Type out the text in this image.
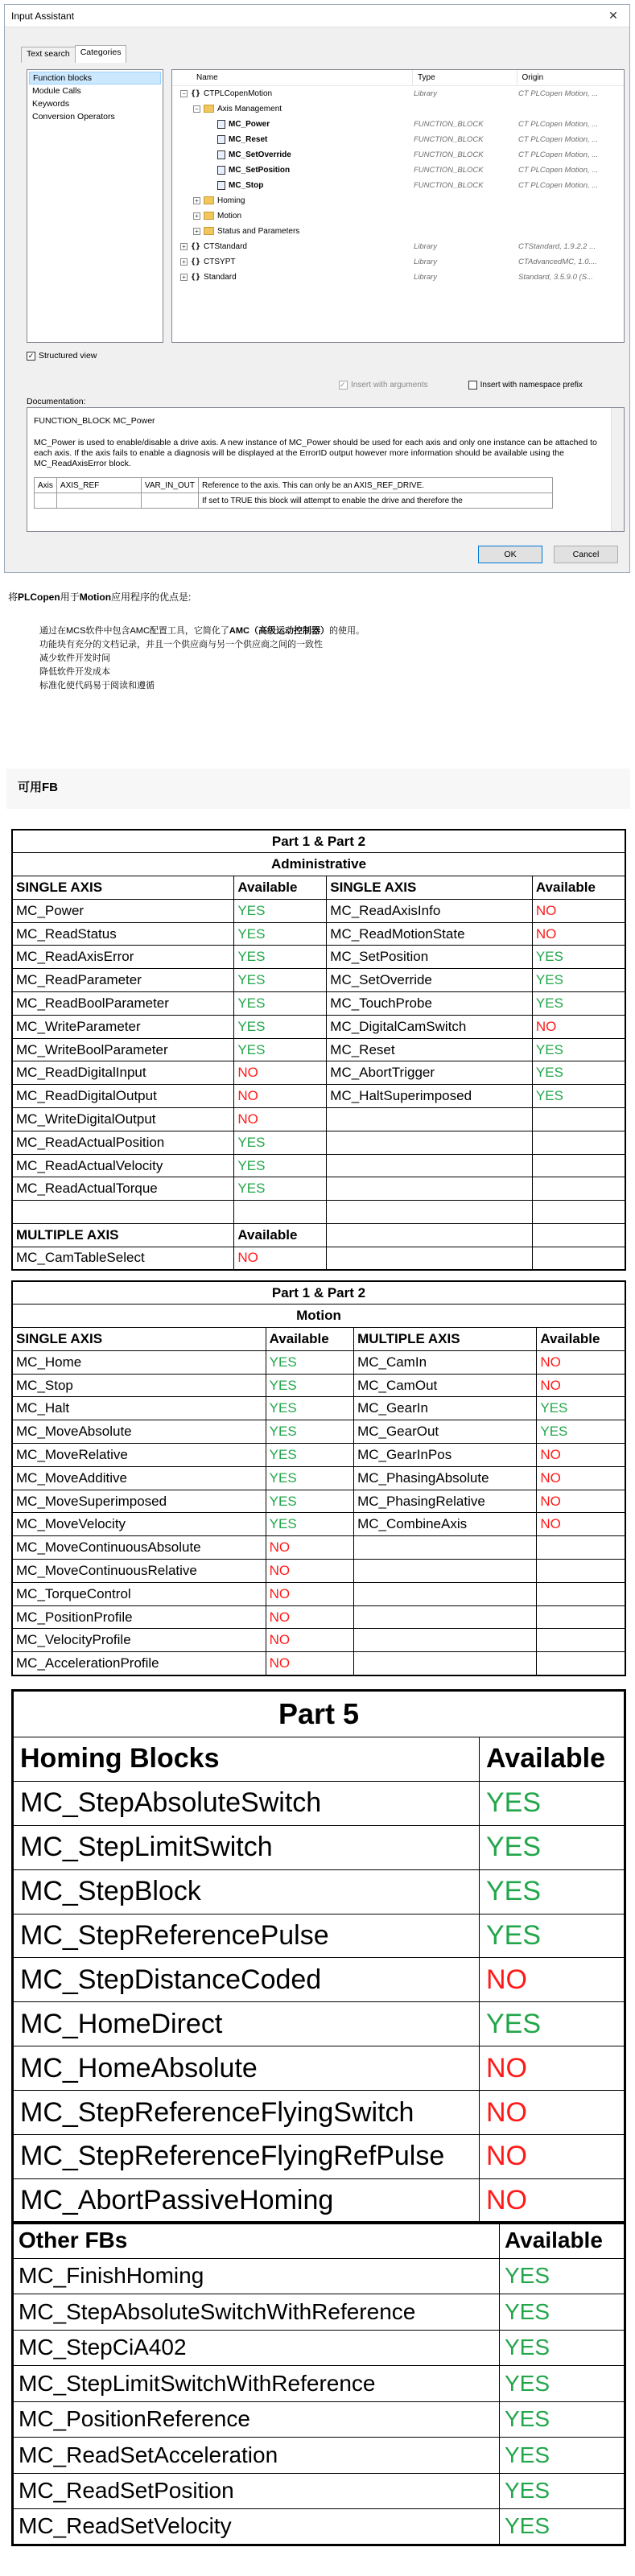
Input Assistant	✕
Text search	Categories
Function blocks
Module Calls
Keywords
Conversion Operators
Name	Type	Origin
− {} CTPLCopenMotion	Library	CT PLCopen Motion, ...
− Axis Management
MC_Power	FUNCTION_BLOCK	CT PLCopen Motion, ...
MC_Reset	FUNCTION_BLOCK	CT PLCopen Motion, ...
MC_SetOverride	FUNCTION_BLOCK	CT PLCopen Motion, ...
MC_SetPosition	FUNCTION_BLOCK	CT PLCopen Motion, ...
MC_Stop	FUNCTION_BLOCK	CT PLCopen Motion, ...
+ Homing
+ Motion
+ Status and Parameters
+ {} CTStandard	Library	CTStandard, 1.9.2.2 ...
+ {} CTSYPT	Library	CTAdvancedMC, 1.0....
+ {} Standard	Library	Standard, 3.5.9.0 (S...
✓ Structured view
✓ Insert with arguments	Insert with namespace prefix
Documentation:

FUNCTION_BLOCK MC_Power

MC_Power is used to enable/disable a drive axis. A new instance of MC_Power should be used for each axis and only one instance can be attached to each axis. If the axis fails to enable a diagnosis will be displayed at the ErrorID output however more information should be available using the MC_ReadAxisError block.

Axis	AXIS_REF	VAR_IN_OUT	Reference to the axis. This can only be an AXIS_REF_DRIVE.
			If set to TRUE this block will attempt to enable the drive and therefore the
OK	Cancel
将PLCopen用于Motion应用程序的优点是:
通过在MCS软件中包含AMC配置工具，它简化了AMC（高级运动控制器）的使用。
功能块有充分的文档记录，并且一个供应商与另一个供应商之间的一致性
减少软件开发时间
降低软件开发成本
标准化使代码易于阅读和遵循
可用FB
Part 1 & Part 2			
Administrative			
SINGLE AXIS	Available	SINGLE AXIS	Available
MC_Power	YES	MC_ReadAxisInfo	NO
MC_ReadStatus	YES	MC_ReadMotionState	NO
MC_ReadAxisError	YES	MC_SetPosition	YES
MC_ReadParameter	YES	MC_SetOverride	YES
MC_ReadBoolParameter	YES	MC_TouchProbe	YES
MC_WriteParameter	YES	MC_DigitalCamSwitch	NO
MC_WriteBoolParameter	YES	MC_Reset	YES
MC_ReadDigitalInput	NO	MC_AbortTrigger	YES
MC_ReadDigitalOutput	NO	MC_HaltSuperimposed	YES
MC_WriteDigitalOutput	NO		
MC_ReadActualPosition	YES		
MC_ReadActualVelocity	YES		
MC_ReadActualTorque	YES		

MULTIPLE AXIS	Available		
MC_CamTableSelect	NO		
Part 1 & Part 2			
Motion			
SINGLE AXIS	Available	MULTIPLE AXIS	Available
MC_Home	YES	MC_CamIn	NO
MC_Stop	YES	MC_CamOut	NO
MC_Halt	YES	MC_GearIn	YES
MC_MoveAbsolute	YES	MC_GearOut	YES
MC_MoveRelative	YES	MC_GearInPos	NO
MC_MoveAdditive	YES	MC_PhasingAbsolute	NO
MC_MoveSuperimposed	YES	MC_PhasingRelative	NO
MC_MoveVelocity	YES	MC_CombineAxis	NO
MC_MoveContinuousAbsolute	NO		
MC_MoveContinuousRelative	NO		
MC_TorqueControl	NO		
MC_PositionProfile	NO		
MC_VelocityProfile	NO		
MC_AccelerationProfile	NO		
Part 5	
Homing Blocks	Available
MC_StepAbsoluteSwitch	YES
MC_StepLimitSwitch	YES
MC_StepBlock	YES
MC_StepReferencePulse	YES
MC_StepDistanceCoded	NO
MC_HomeDirect	YES
MC_HomeAbsolute	NO
MC_StepReferenceFlyingSwitch	NO
MC_StepReferenceFlyingRefPulse	NO
MC_AbortPassiveHoming	NO
Other FBs	Available
MC_FinishHoming	YES
MC_StepAbsoluteSwitchWithReference	YES
MC_StepCiA402	YES
MC_StepLimitSwitchWithReference	YES
MC_PositionReference	YES
MC_ReadSetAcceleration	YES
MC_ReadSetPosition	YES
MC_ReadSetVelocity	YES
